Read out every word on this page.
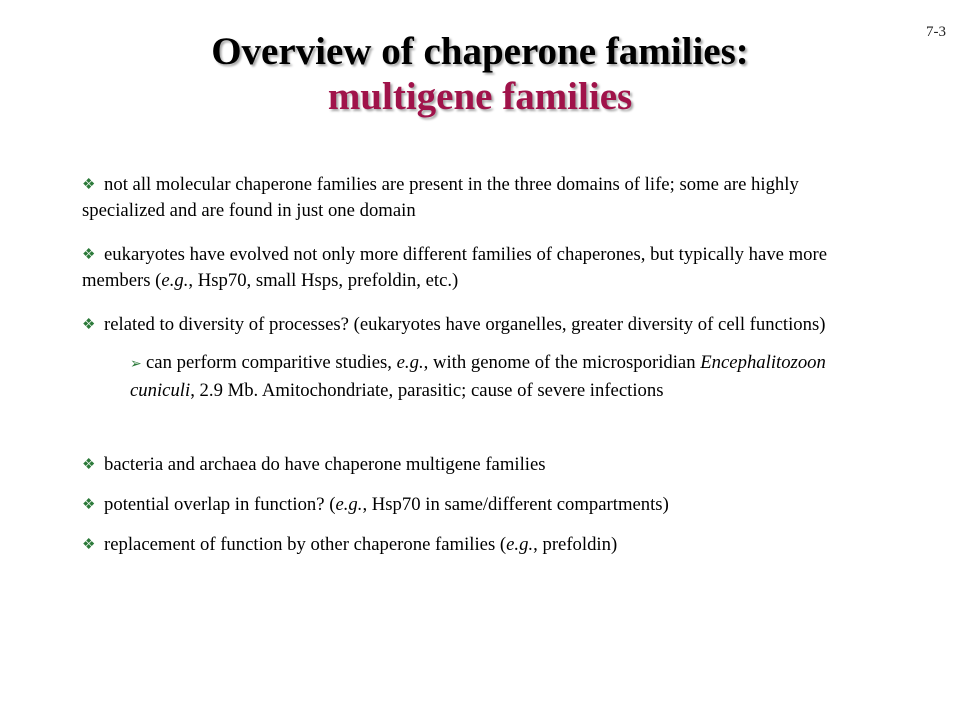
7-3
Overview of chaperone families:
multigene families

❖ not all molecular chaperone families are present in the three domains of life; some are highly specialized and are found in just one domain

❖ eukaryotes have evolved not only more different families of chaperones, but typically have more members (e.g., Hsp70, small Hsps, prefoldin, etc.)

❖ related to diversity of processes? (eukaryotes have organelles, greater diversity of cell functions)

➢ can perform comparitive studies, e.g., with genome of the microsporidian Encephalitozoon cuniculi, 2.9 Mb. Amitochondriate, parasitic; cause of severe infections

❖ bacteria and archaea do have chaperone multigene families

❖ potential overlap in function? (e.g., Hsp70 in same/different compartments)

❖ replacement of function by other chaperone families (e.g., prefoldin)
